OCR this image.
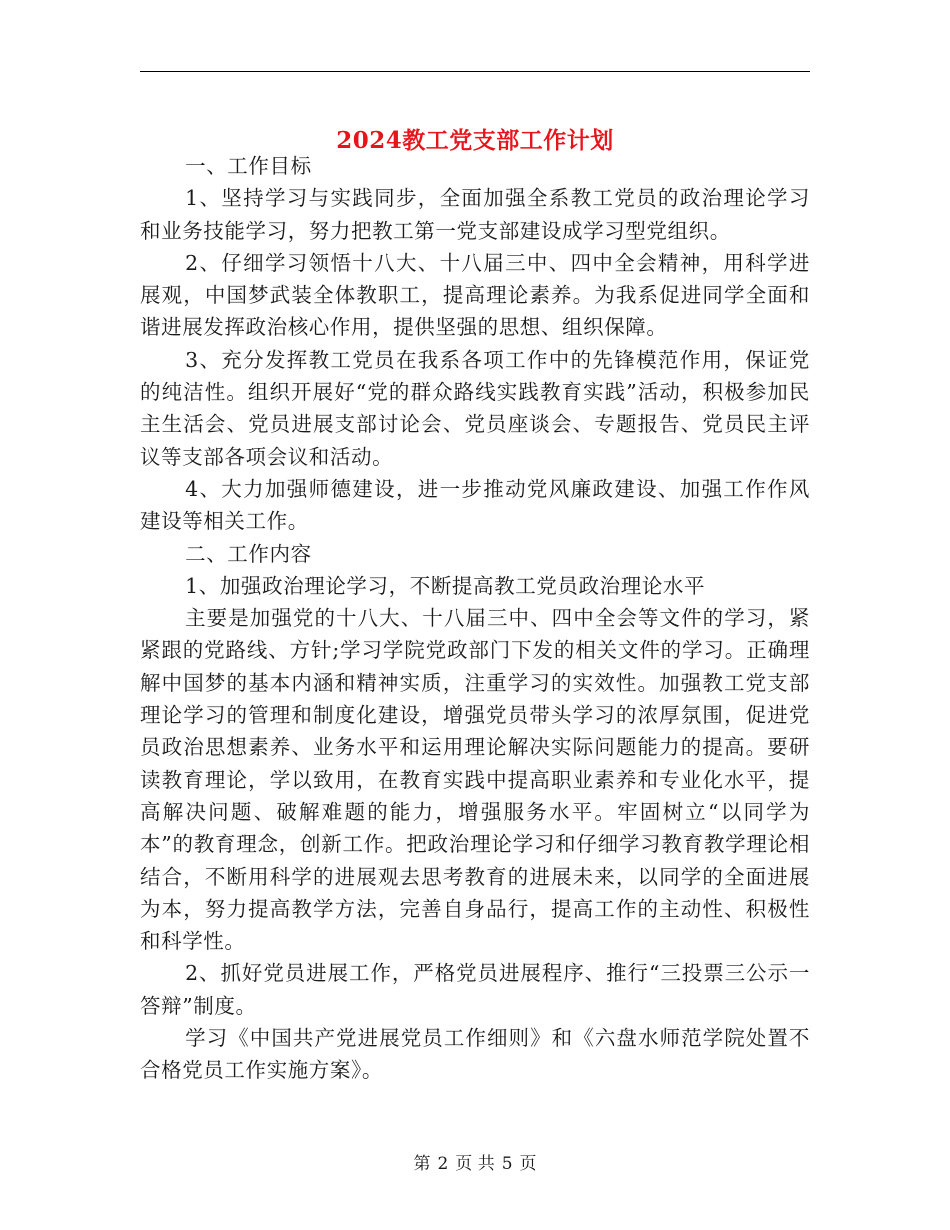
2024教工党支部工作计划

一、工作目标

1、坚持学习与实践同步，全面加强全系教工党员的政治理论学习和业务技能学习，努力把教工第一党支部建设成学习型党组织。

2、仔细学习领悟十八大、十八届三中、四中全会精神，用科学进展观，中国梦武装全体教职工，提高理论素养。为我系促进同学全面和谐进展发挥政治核心作用，提供坚强的思想、组织保障。

3、充分发挥教工党员在我系各项工作中的先锋模范作用，保证党的纯洁性。组织开展好“党的群众路线实践教育实践”活动，积极参加民主生活会、党员进展支部讨论会、党员座谈会、专题报告、党员民主评议等支部各项会议和活动。

4、大力加强师德建设，进一步推动党风廉政建设、加强工作作风建设等相关工作。

二、工作内容

1、加强政治理论学习，不断提高教工党员政治理论水平

主要是加强党的十八大、十八届三中、四中全会等文件的学习，紧紧跟的党路线、方针;学习学院党政部门下发的相关文件的学习。正确理解中国梦的基本内涵和精神实质，注重学习的实效性。加强教工党支部理论学习的管理和制度化建设，增强党员带头学习的浓厚氛围，促进党员政治思想素养、业务水平和运用理论解决实际问题能力的提高。要研读教育理论，学以致用，在教育实践中提高职业素养和专业化水平，提高解决问题、破解难题的能力，增强服务水平。牢固树立“以同学为本”的教育理念，创新工作。把政治理论学习和仔细学习教育教学理论相结合，不断用科学的进展观去思考教育的进展未来，以同学的全面进展为本，努力提高教学方法，完善自身品行，提高工作的主动性、积极性和科学性。

2、抓好党员进展工作，严格党员进展程序、推行“三投票三公示一答辩”制度。

学习《中国共产党进展党员工作细则》和《六盘水师范学院处置不合格党员工作实施方案》。

第 2 页 共 5 页
